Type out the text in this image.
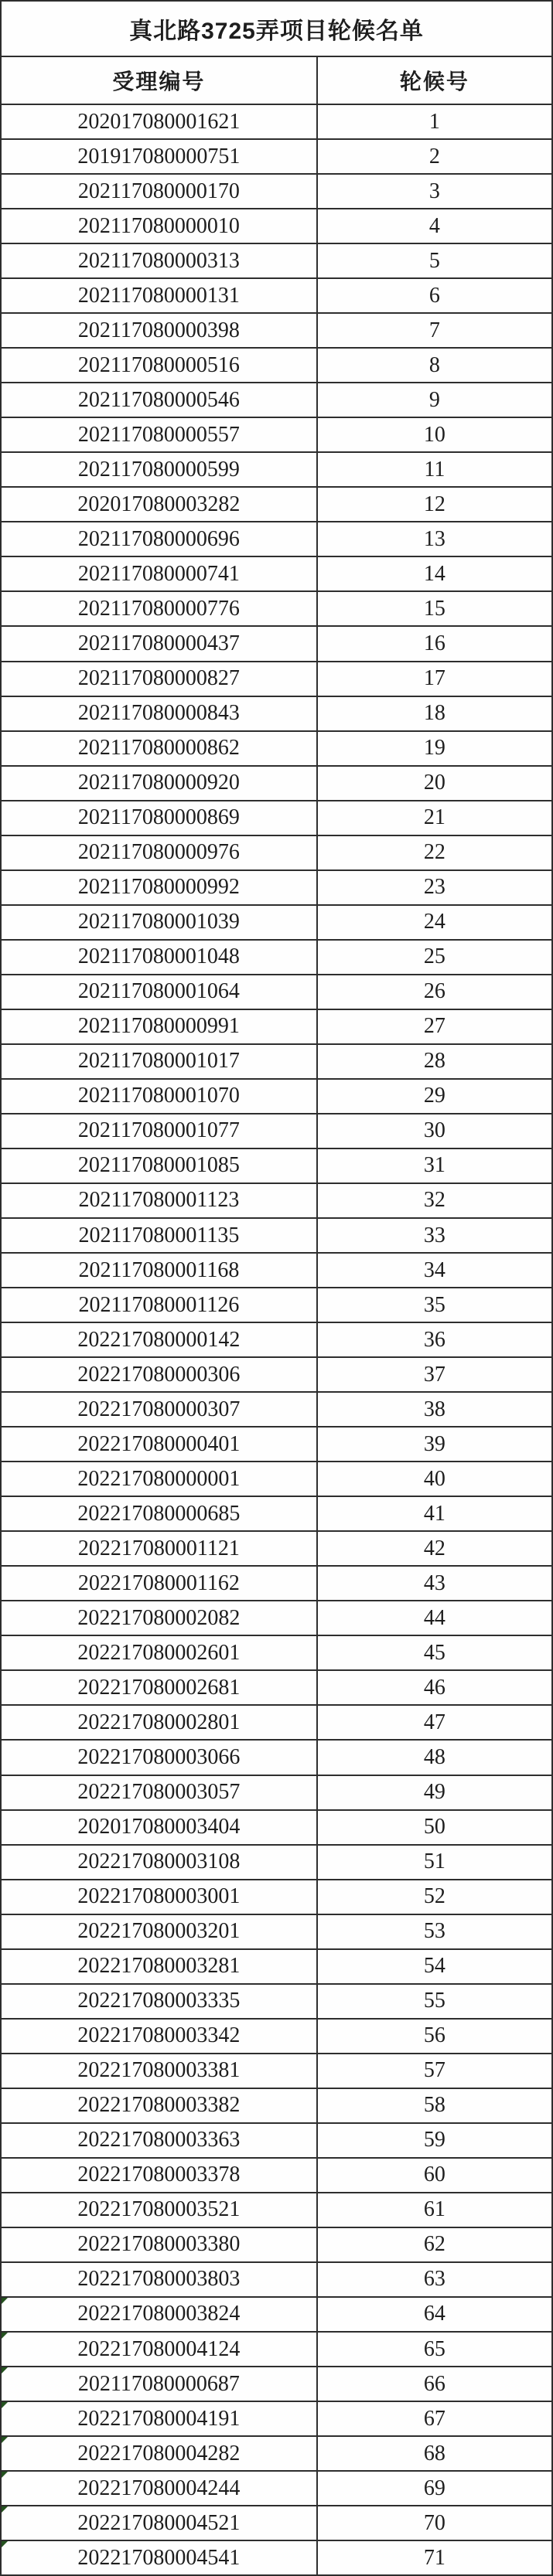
真北路3725弄项目轮候名单
受理编号	轮候号
202017080001621	1
201917080000751	2
202117080000170	3
202117080000010	4
202117080000313	5
202117080000131	6
202117080000398	7
202117080000516	8
202117080000546	9
202117080000557	10
202117080000599	11
202017080003282	12
202117080000696	13
202117080000741	14
202117080000776	15
202117080000437	16
202117080000827	17
202117080000843	18
202117080000862	19
202117080000920	20
202117080000869	21
202117080000976	22
202117080000992	23
202117080001039	24
202117080001048	25
202117080001064	26
202117080000991	27
202117080001017	28
202117080001070	29
202117080001077	30
202117080001085	31
202117080001123	32
202117080001135	33
202117080001168	34
202117080001126	35
202217080000142	36
202217080000306	37
202217080000307	38
202217080000401	39
202217080000001	40
202217080000685	41
202217080001121	42
202217080001162	43
202217080002082	44
202217080002601	45
202217080002681	46
202217080002801	47
202217080003066	48
202217080003057	49
202017080003404	50
202217080003108	51
202217080003001	52
202217080003201	53
202217080003281	54
202217080003335	55
202217080003342	56
202217080003381	57
202217080003382	58
202217080003363	59
202217080003378	60
202217080003521	61
202217080003380	62
202217080003803	63
202217080003824	64
202217080004124	65
202117080000687	66
202217080004191	67
202217080004282	68
202217080004244	69
202217080004521	70
202217080004541	71
